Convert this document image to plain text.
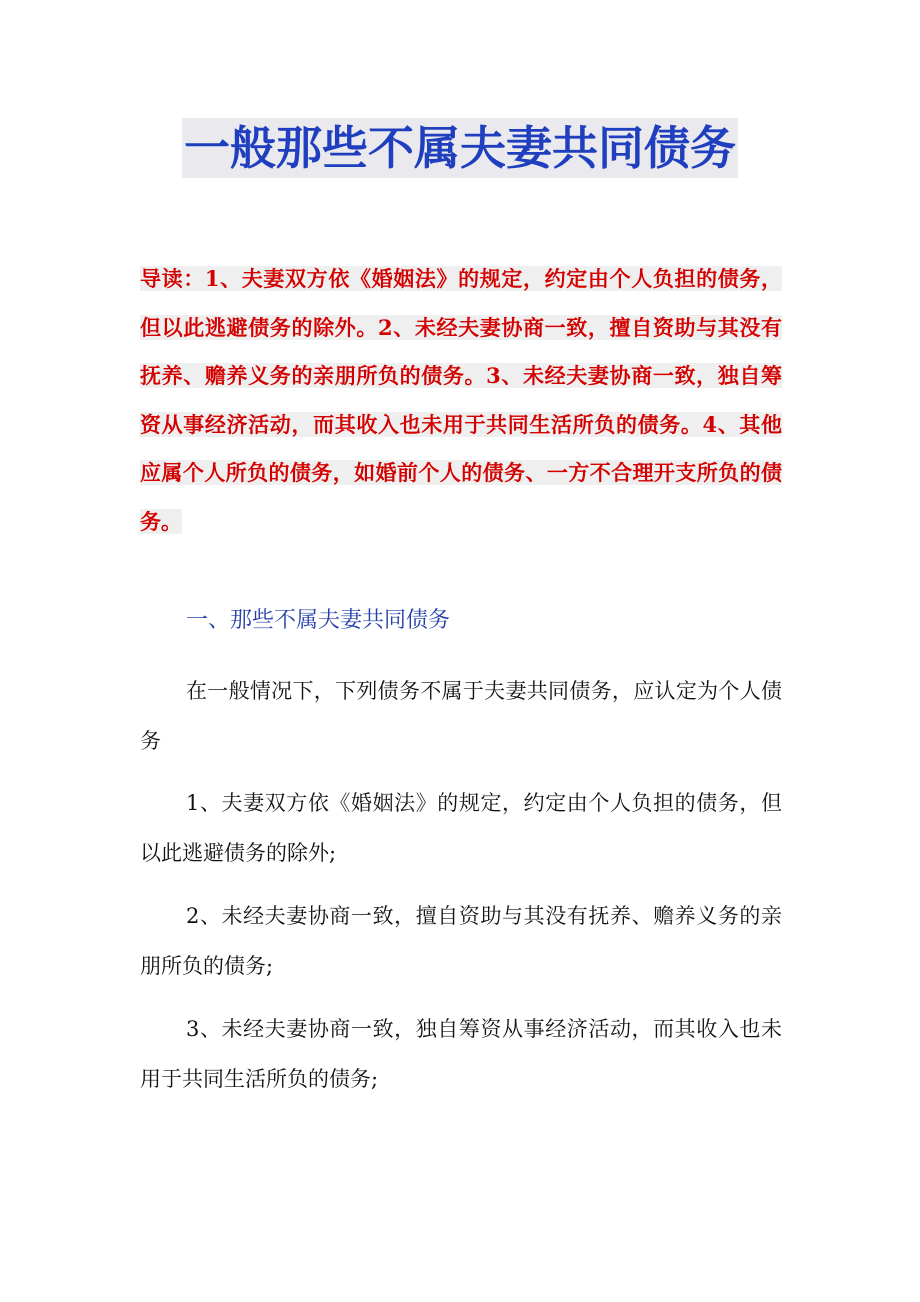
一般那些不属夫妻共同债务
导读：1、夫妻双方依《婚姻法》的规定，约定由个人负担的债务，但以此逃避债务的除外。2、未经夫妻协商一致，擅自资助与其没有抚养、赡养义务的亲朋所负的债务。3、未经夫妻协商一致，独自筹资从事经济活动，而其收入也未用于共同生活所负的债务。4、其他应属个人所负的债务，如婚前个人的债务、一方不合理开支所负的债务。
一、那些不属夫妻共同债务

在一般情况下，下列债务不属于夫妻共同债务，应认定为个人债务

1、夫妻双方依《婚姻法》的规定，约定由个人负担的债务，但以此逃避债务的除外;

2、未经夫妻协商一致，擅自资助与其没有抚养、赡养义务的亲朋所负的债务;

3、未经夫妻协商一致，独自筹资从事经济活动，而其收入也未用于共同生活所负的债务;
